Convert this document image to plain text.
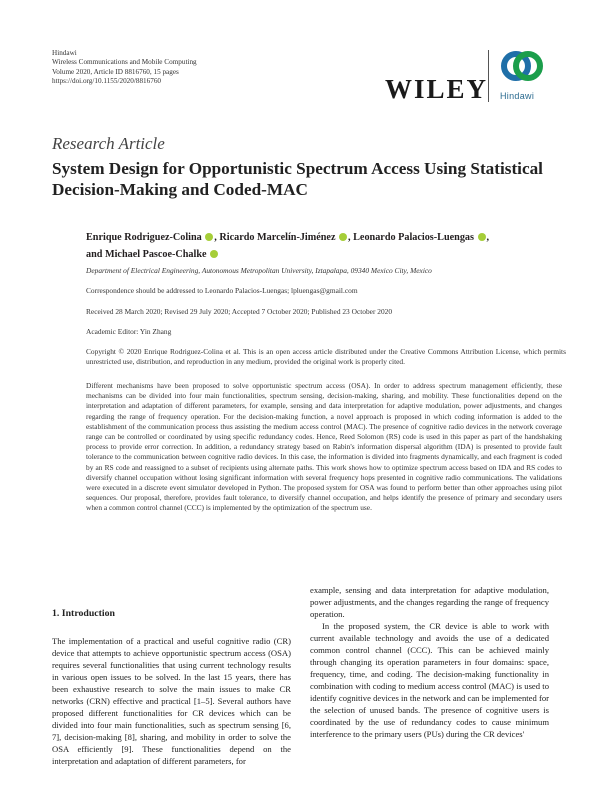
Hindawi
Wireless Communications and Mobile Computing
Volume 2020, Article ID 8816760, 15 pages
https://doi.org/10.1155/2020/8816760	WILEY Hindawi
Research Article
System Design for Opportunistic Spectrum Access Using Statistical Decision-Making and Coded-MAC
Enrique Rodriguez-Colina , Ricardo Marcelín-Jiménez , Leonardo Palacios-Luengas ,
and Michael Pascoe-Chalke
Department of Electrical Engineering, Autonomous Metropolitan University, Iztapalapa, 09340 Mexico City, Mexico
Correspondence should be addressed to Leonardo Palacios-Luengas; lpluengas@gmail.com
Received 28 March 2020; Revised 29 July 2020; Accepted 7 October 2020; Published 23 October 2020
Academic Editor: Yin Zhang
Copyright © 2020 Enrique Rodriguez-Colina et al. This is an open access article distributed under the Creative Commons Attribution License, which permits unrestricted use, distribution, and reproduction in any medium, provided the original work is properly cited.
Different mechanisms have been proposed to solve opportunistic spectrum access (OSA). In order to address spectrum management efficiently, these mechanisms can be divided into four main functionalities, spectrum sensing, decision-making, sharing, and mobility. These functionalities depend on the interpretation and adaptation of different parameters, for example, sensing and data interpretation for adaptive modulation, power adjustments, and changes regarding the range of frequency operation. For the decision-making function, a novel approach is proposed in which coding information is added to the establishment of the communication process thus assisting the medium access control (MAC). The presence of cognitive radio devices in the network coverage range can be controlled or coordinated by using specific redundancy codes. Hence, Reed Solomon (RS) code is used in this paper as part of the handshaking process to provide error correction. In addition, a redundancy strategy based on Rabin's information dispersal algorithm (IDA) is presented to provide fault tolerance to the communication between cognitive radio devices. In this case, the information is divided into fragments dynamically, and each fragment is coded by an RS code and reassigned to a subset of recipients using alternate paths. This work shows how to optimize spectrum access based on IDA and RS codes to diversify channel occupation without losing significant information with several frequency hops presented in cognitive radio communications. The validations were executed in a discrete event simulator developed in Python. The proposed system for OSA was found to perform better than other approaches using pilot sequences. Our proposal, therefore, provides fault tolerance, to diversify channel occupation, and helps identify the presence of primary and secondary users when a common control channel (CCC) is implemented by the optimization of the spectrum use.
1. Introduction

The implementation of a practical and useful cognitive radio (CR) device that attempts to achieve opportunistic spectrum access (OSA) requires several functionalities that using current technology results in various open issues to be solved. In the last 15 years, there has been exhaustive research to solve the main issues to make CR networks (CRN) effective and practical [1–5]. Several authors have proposed different functionalities for CR devices which can be divided into four main functionalities, such as spectrum sensing [6, 7], decision-making [8], sharing, and mobility in order to solve the OSA efficiently [9]. These functionalities depend on the interpretation and adaptation of different parameters, for

example, sensing and data interpretation for adaptive modulation, power adjustments, and the changes regarding the range of frequency operation.

In the proposed system, the CR device is able to work with current available technology and avoids the use of a dedicated common control channel (CCC). This can be achieved mainly through changing its operation parameters in four domains: space, frequency, time, and coding. The decision-making functionality in combination with coding to medium access control (MAC) is used to identify cognitive devices in the network and can be implemented for the selection of unused bands. The presence of cognitive users is coordinated by the use of redundancy codes to cause minimum interference to the primary users (PUs) during the CR devices'
